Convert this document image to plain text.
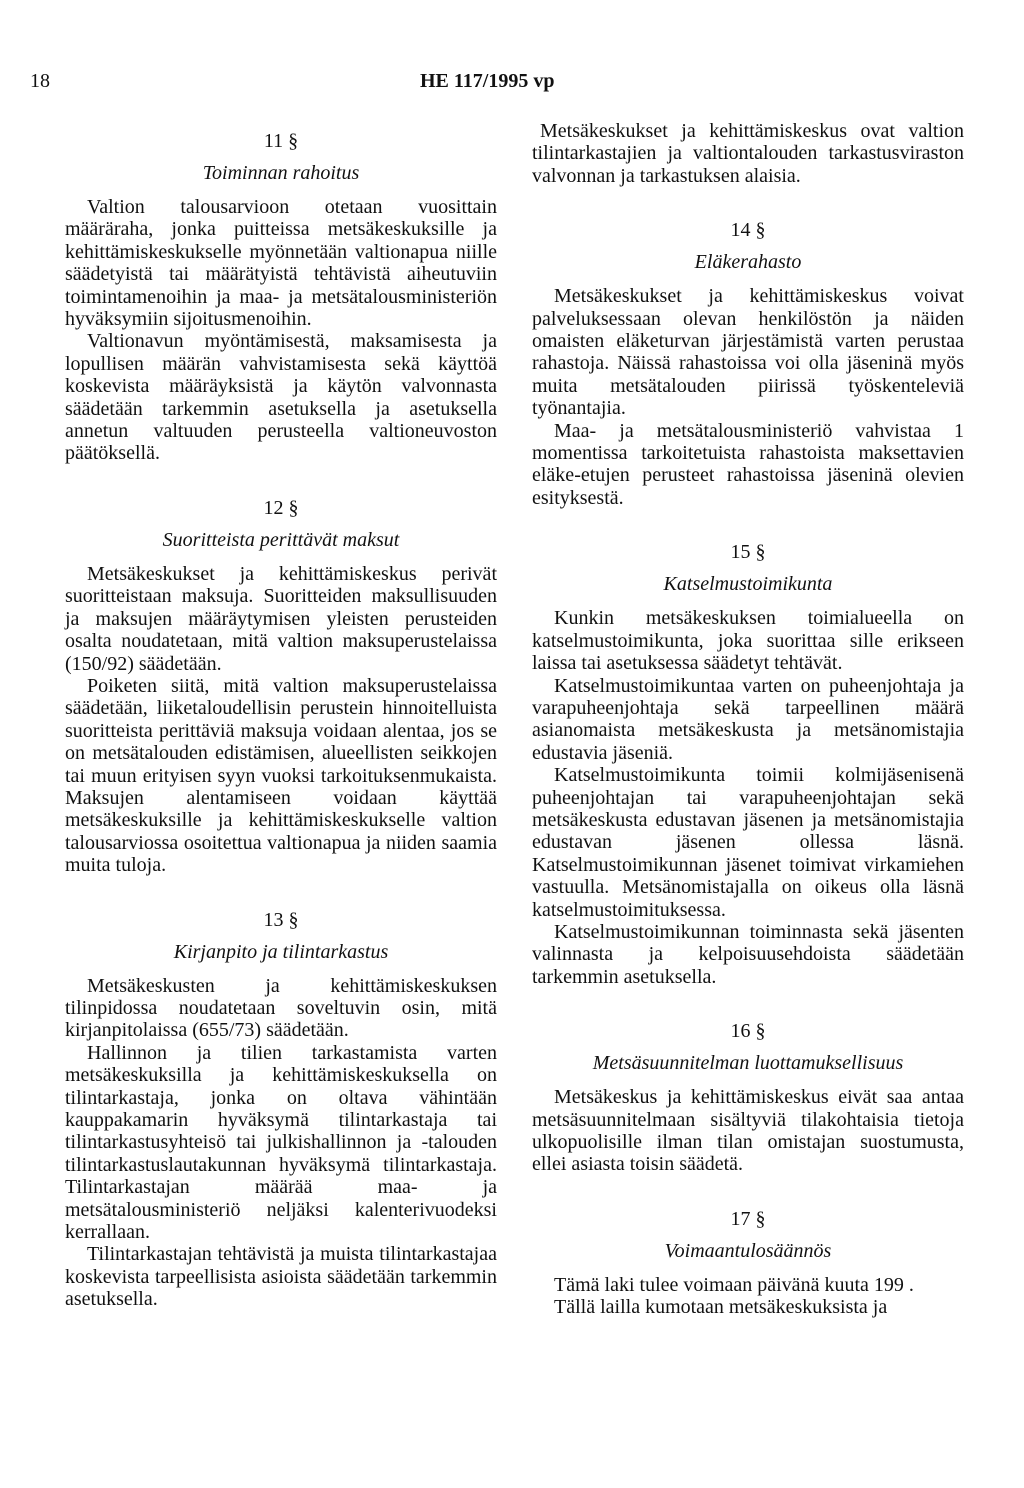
18	HE 117/1995 vp
11 §
Toiminnan rahoitus

Valtion talousarvioon otetaan vuosittain määräraha, jonka puitteissa metsäkeskuksille ja kehittämiskeskukselle myönnetään valtionapua niille säädetyistä tai määrätyistä tehtävistä aiheutuviin toimintamenoihin ja maa- ja metsätalousministeriön hyväksymiin sijoitusmenoihin.

Valtionavun myöntämisestä, maksamisesta ja lopullisen määrän vahvistamisesta sekä käyttöä koskevista määräyksistä ja käytön valvonnasta säädetään tarkemmin asetuksella ja asetuksella annetun valtuuden perusteella valtioneuvoston päätöksellä.

12 §
Suoritteista perittävät maksut

Metsäkeskukset ja kehittämiskeskus perivät suoritteistaan maksuja. Suoritteiden maksullisuuden ja maksujen määräytymisen yleisten perusteiden osalta noudatetaan, mitä valtion maksuperustelaissa (150/92) säädetään.

Poiketen siitä, mitä valtion maksuperustelaissa säädetään, liiketaloudellisin perustein hinnoitelluista suoritteista perittäviä maksuja voidaan alentaa, jos se on metsätalouden edistämisen, alueellisten seikkojen tai muun erityisen syyn vuoksi tarkoituksenmukaista. Maksujen alentamiseen voidaan käyttää metsäkeskuksille ja kehittämiskeskukselle valtion talousarviossa osoitettua valtionapua ja niiden saamia muita tuloja.

13 §
Kirjanpito ja tilintarkastus

Metsäkeskusten ja kehittämiskeskuksen tilinpidossa noudatetaan soveltuvin osin, mitä kirjanpitolaissa (655/73) säädetään.

Hallinnon ja tilien tarkastamista varten metsäkeskuksilla ja kehittämiskeskuksella on tilintarkastaja, jonka on oltava vähintään kauppakamarin hyväksymä tilintarkastaja tai tilintarkastusyhteisö tai julkishallinnon ja -talouden tilintarkastuslautakunnan hyväksymä tilintarkastaja. Tilintarkastajan määrää maa- ja metsätalousministeriö neljäksi kalenterivuodeksi kerrallaan.

Tilintarkastajan tehtävistä ja muista tilintarkastajaa koskevista tarpeellisista asioista säädetään tarkemmin asetuksella.

Metsäkeskukset ja kehittämiskeskus ovat valtion tilintarkastajien ja valtiontalouden tarkastusviraston valvonnan ja tarkastuksen alaisia.

14 §
Eläkerahasto

Metsäkeskukset ja kehittämiskeskus voivat palveluksessaan olevan henkilöstön ja näiden omaisten eläketurvan järjestämistä varten perustaa rahastoja. Näissä rahastoissa voi olla jäseninä myös muita metsätalouden piirissä työskenteleviä työnantajia.

Maa- ja metsätalousministeriö vahvistaa 1 momentissa tarkoitetuista rahastoista maksettavien eläke-etujen perusteet rahastoissa jäseninä olevien esityksestä.

15 §
Katselmustoimikunta

Kunkin metsäkeskuksen toimialueella on katselmustoimikunta, joka suorittaa sille erikseen laissa tai asetuksessa säädetyt tehtävät.

Katselmustoimikuntaa varten on puheenjohtaja ja varapuheenjohtaja sekä tarpeellinen määrä asianomaista metsäkeskusta ja metsänomistajia edustavia jäseniä.

Katselmustoimikunta toimii kolmijäsenisenä puheenjohtajan tai varapuheenjohtajan sekä metsäkeskusta edustavan jäsenen ja metsänomistajia edustavan jäsenen ollessa läsnä. Katselmustoimikunnan jäsenet toimivat virkamiehen vastuulla. Metsänomistajalla on oikeus olla läsnä katselmustoimituksessa.

Katselmustoimikunnan toiminnasta sekä jäsenten valinnasta ja kelpoisuusehdoista säädetään tarkemmin asetuksella.

16 §
Metsäsuunnitelman luottamuksellisuus

Metsäkeskus ja kehittämiskeskus eivät saa antaa metsäsuunnitelmaan sisältyviä tilakohtaisia tietoja ulkopuolisille ilman tilan omistajan suostumusta, ellei asiasta toisin säädetä.

17 §
Voimaantulosäännös

Tämä laki tulee voimaan päivänä kuuta 199 .

Tällä lailla kumotaan metsäkeskuksista ja
